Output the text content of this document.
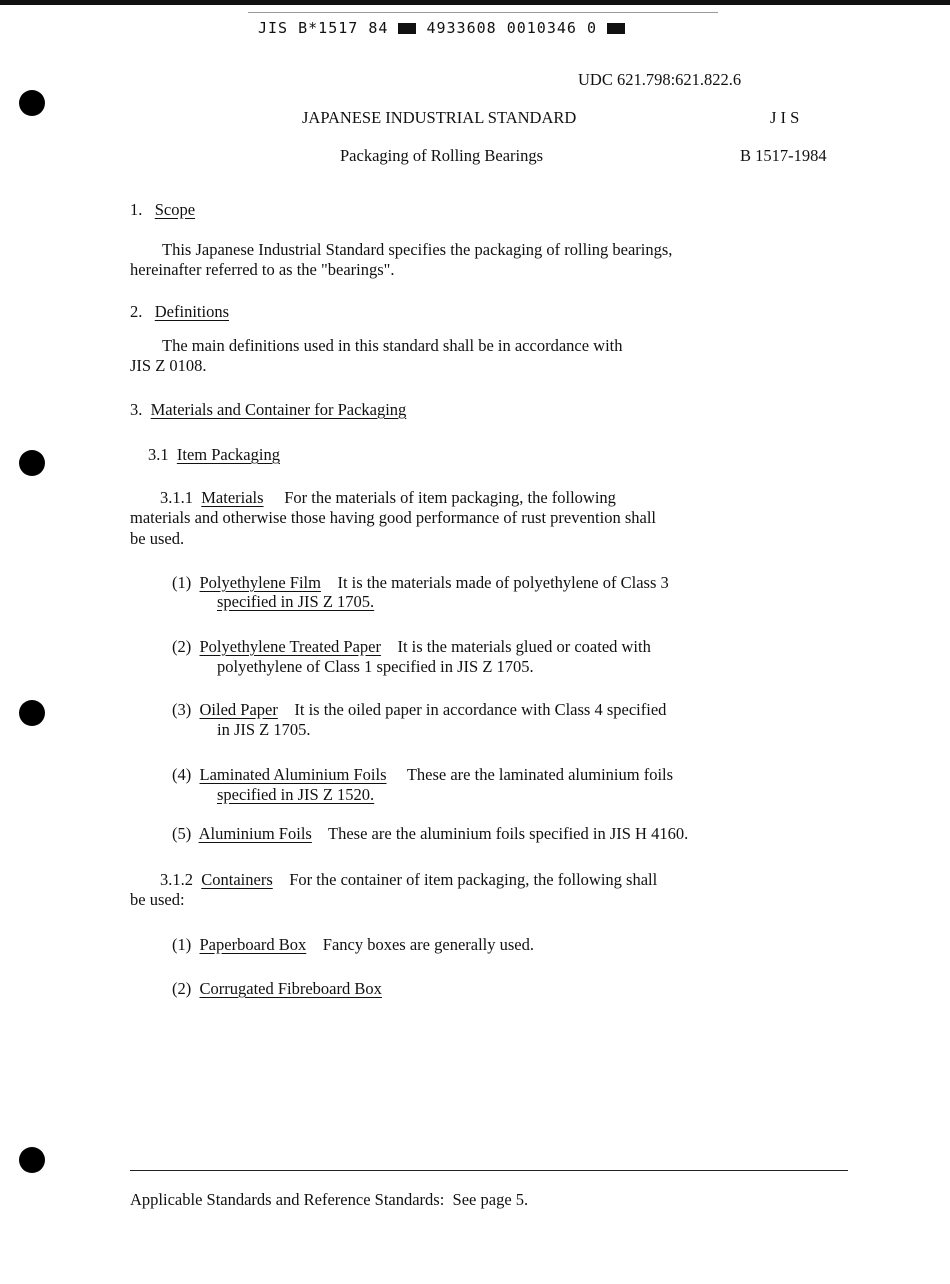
JIS B*1517 84	4933608 0010346 0
UDC 621.798:621.822.6
JAPANESE INDUSTRIAL STANDARD	J I S
Packaging of Rolling Bearings	B 1517-1984
1. Scope
This Japanese Industrial Standard specifies the packaging of rolling bearings,
hereinafter referred to as the "bearings".
2. Definitions
The main definitions used in this standard shall be in accordance with
JIS Z 0108.
3. Materials and Container for Packaging
3.1 Item Packaging
3.1.1 Materials For the materials of item packaging, the following
materials and otherwise those having good performance of rust prevention shall
be used.
(1) Polyethylene Film It is the materials made of polyethylene of Class 3
specified in JIS Z 1705.
(2) Polyethylene Treated Paper It is the materials glued or coated with
polyethylene of Class 1 specified in JIS Z 1705.
(3) Oiled Paper It is the oiled paper in accordance with Class 4 specified
in JIS Z 1705.
(4) Laminated Aluminium Foils These are the laminated aluminium foils
specified in JIS Z 1520.
(5) Aluminium Foils These are the aluminium foils specified in JIS H 4160.
3.1.2 Containers For the container of item packaging, the following shall
be used:
(1) Paperboard Box Fancy boxes are generally used.
(2) Corrugated Fibreboard Box
Applicable Standards and Reference Standards:  See page 5.
